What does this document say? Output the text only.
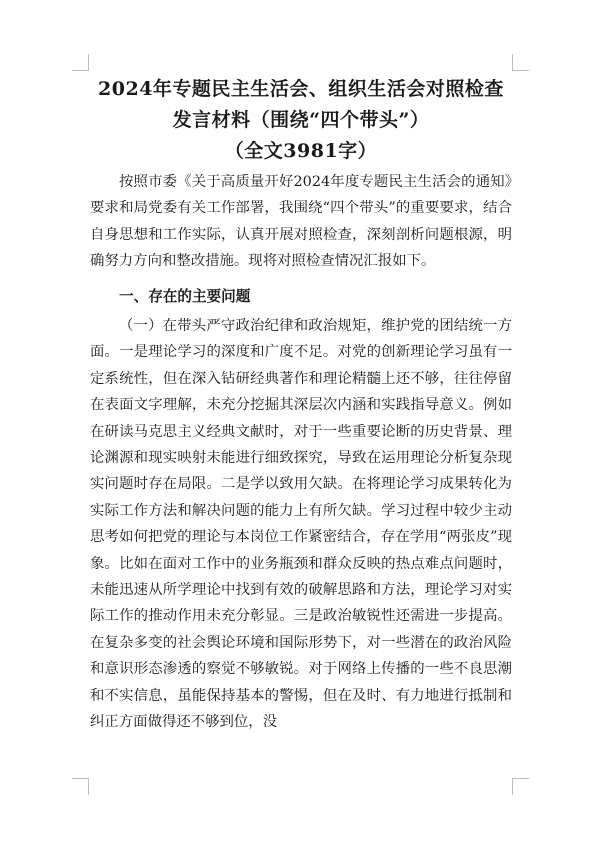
2024年专题民主生活会、组织生活会对照检查
发言材料（围绕“四个带头”）
（全文3981字）

按照市委《关于高质量开好2024年度专题民主生活会的通知》要求和局党委有关工作部署，我围绕“四个带头”的重要要求，结合自身思想和工作实际，认真开展对照检查，深刻剖析问题根源，明确努力方向和整改措施。现将对照检查情况汇报如下。

一、存在的主要问题

（一）在带头严守政治纪律和政治规矩，维护党的团结统一方面。一是理论学习的深度和广度不足。对党的创新理论学习虽有一定系统性，但在深入钻研经典著作和理论精髓上还不够，往往停留在表面文字理解，未充分挖掘其深层次内涵和实践指导意义。例如在研读马克思主义经典文献时，对于一些重要论断的历史背景、理论渊源和现实映射未能进行细致探究，导致在运用理论分析复杂现实问题时存在局限。二是学以致用欠缺。在将理论学习成果转化为实际工作方法和解决问题的能力上有所欠缺。学习过程中较少主动思考如何把党的理论与本岗位工作紧密结合，存在学用“两张皮”现象。比如在面对工作中的业务瓶颈和群众反映的热点难点问题时，未能迅速从所学理论中找到有效的破解思路和方法，理论学习对实际工作的推动作用未充分彰显。三是政治敏锐性还需进一步提高。在复杂多变的社会舆论环境和国际形势下，对一些潜在的政治风险和意识形态渗透的察觉不够敏锐。对于网络上传播的一些不良思潮和不实信息，虽能保持基本的警惕，但在及时、有力地进行抵制和纠正方面做得还不够到位，没
